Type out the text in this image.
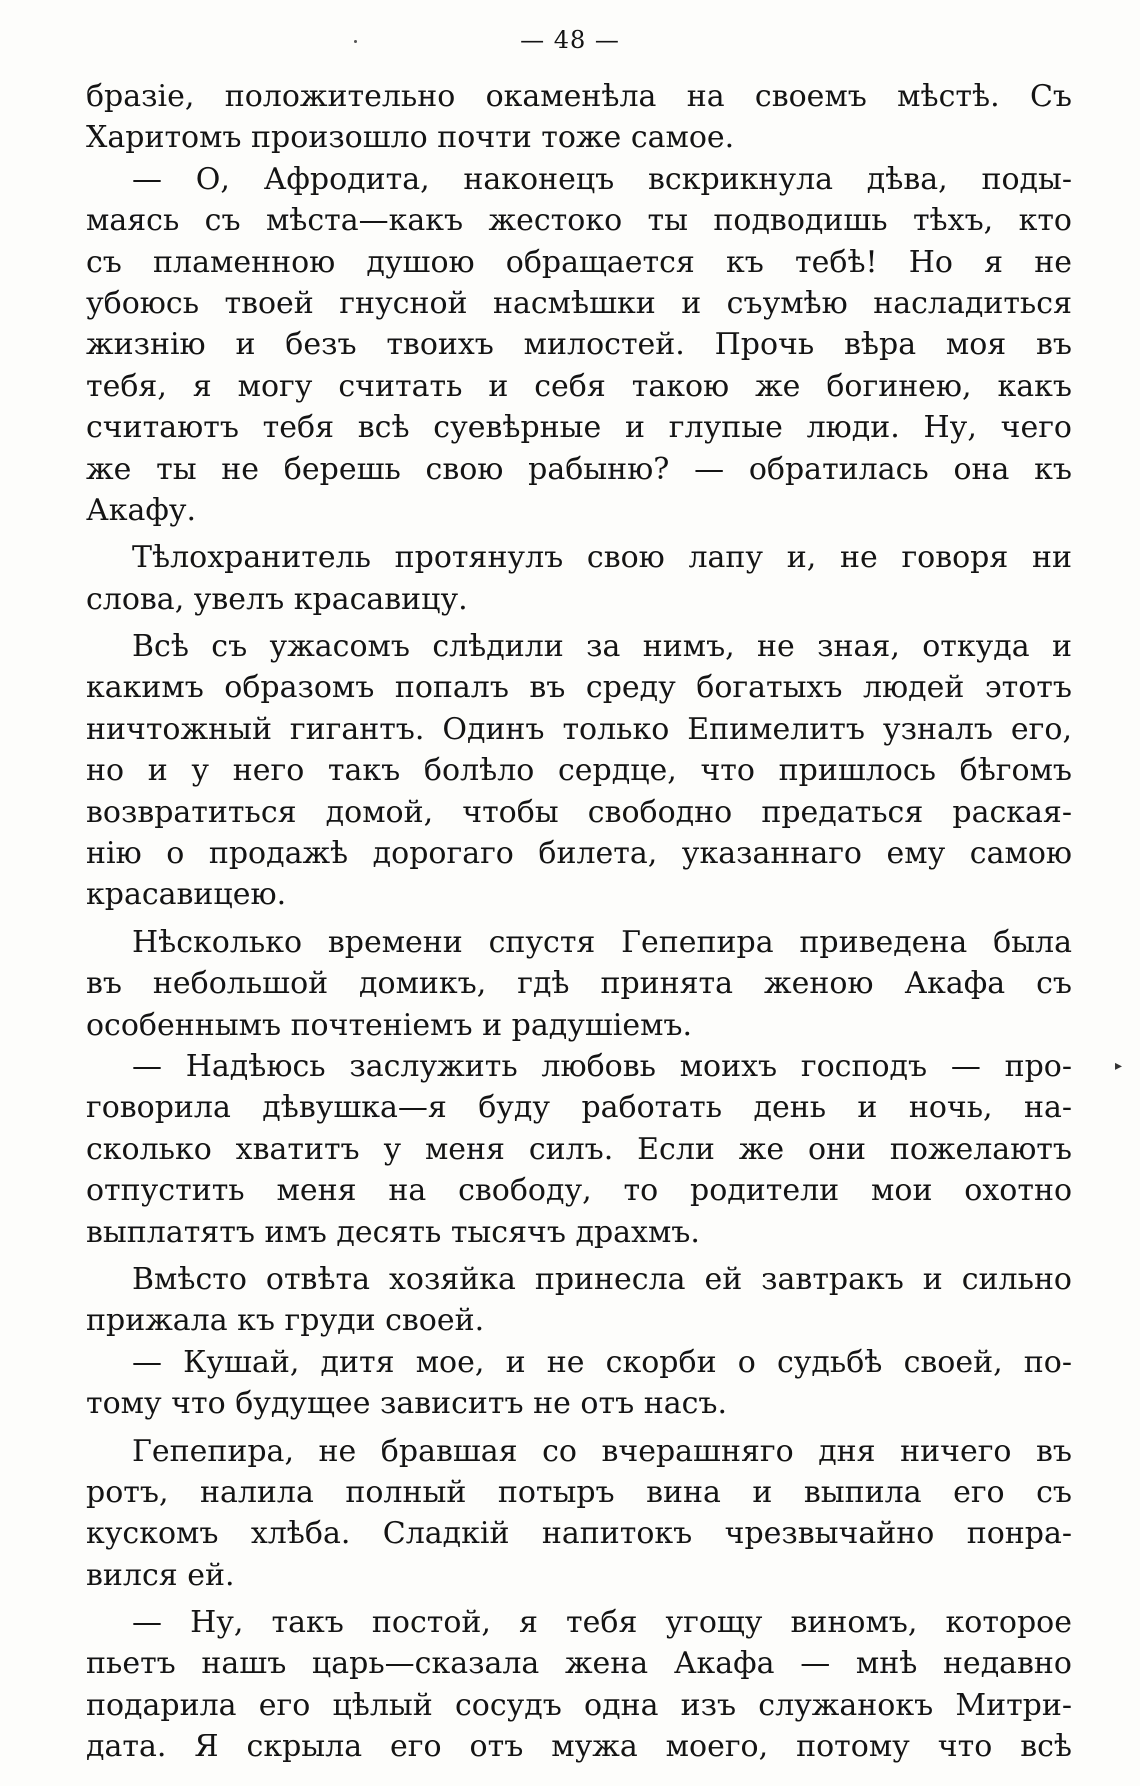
— 48 —
бразіе, положительно окаменѣла на своемъ мѣстѣ. Съ
Харитомъ произошло почти тоже самое.
— О, Афродита, наконецъ вскрикнула дѣва, поды-
маясь съ мѣста—какъ жестоко ты подводишь тѣхъ, кто
съ пламенною душою обращается къ тебѣ! Но я не
убоюсь твоей гнусной насмѣшки и съумѣю насладиться
жизнію и безъ твоихъ милостей. Прочь вѣра моя въ
тебя, я могу считать и себя такою же богинею, какъ
считаютъ тебя всѣ суевѣрные и глупые люди. Ну, чего
же ты не берешь свою рабыню? — обратилась она къ
Акафу.
Тѣлохранитель протянулъ свою лапу и, не говоря ни
слова, увелъ красавицу.
Всѣ съ ужасомъ слѣдили за нимъ, не зная, откуда и
какимъ образомъ попалъ въ среду богатыхъ людей этотъ
ничтожный гигантъ. Одинъ только Епимелитъ узналъ его,
но и у него такъ болѣло сердце, что пришлось бѣгомъ
возвратиться домой, чтобы свободно предаться раская-
нію о продажѣ дорогаго билета, указаннаго ему самою
красавицею.
Нѣсколько времени спустя Гепепира приведена была
въ небольшой домикъ, гдѣ принята женою Акафа съ
особеннымъ почтеніемъ и радушіемъ.
— Надѣюсь заслужить любовь моихъ господъ — про-
говорила дѣвушка—я буду работать день и ночь, на-
сколько хватитъ у меня силъ. Если же они пожелаютъ
отпустить меня на свободу, то родители мои охотно
выплатятъ имъ десять тысячъ драхмъ.
Вмѣсто отвѣта хозяйка принесла ей завтракъ и сильно
прижала къ груди своей.
— Кушай, дитя мое, и не скорби о судьбѣ своей, по-
тому что будущее зависитъ не отъ насъ.
Гепепира, не бравшая со вчерашняго дня ничего въ
ротъ, налила полный потыръ вина и выпила его съ
кускомъ хлѣба. Сладкій напитокъ чрезвычайно понра-
вился ей.
— Ну, такъ постой, я тебя угощу виномъ, которое
пьетъ нашъ царь—сказала жена Акафа — мнѣ недавно
подарила его цѣлый сосудъ одна изъ служанокъ Митри-
дата. Я скрыла его отъ мужа моего, потому что всѣ
▸
